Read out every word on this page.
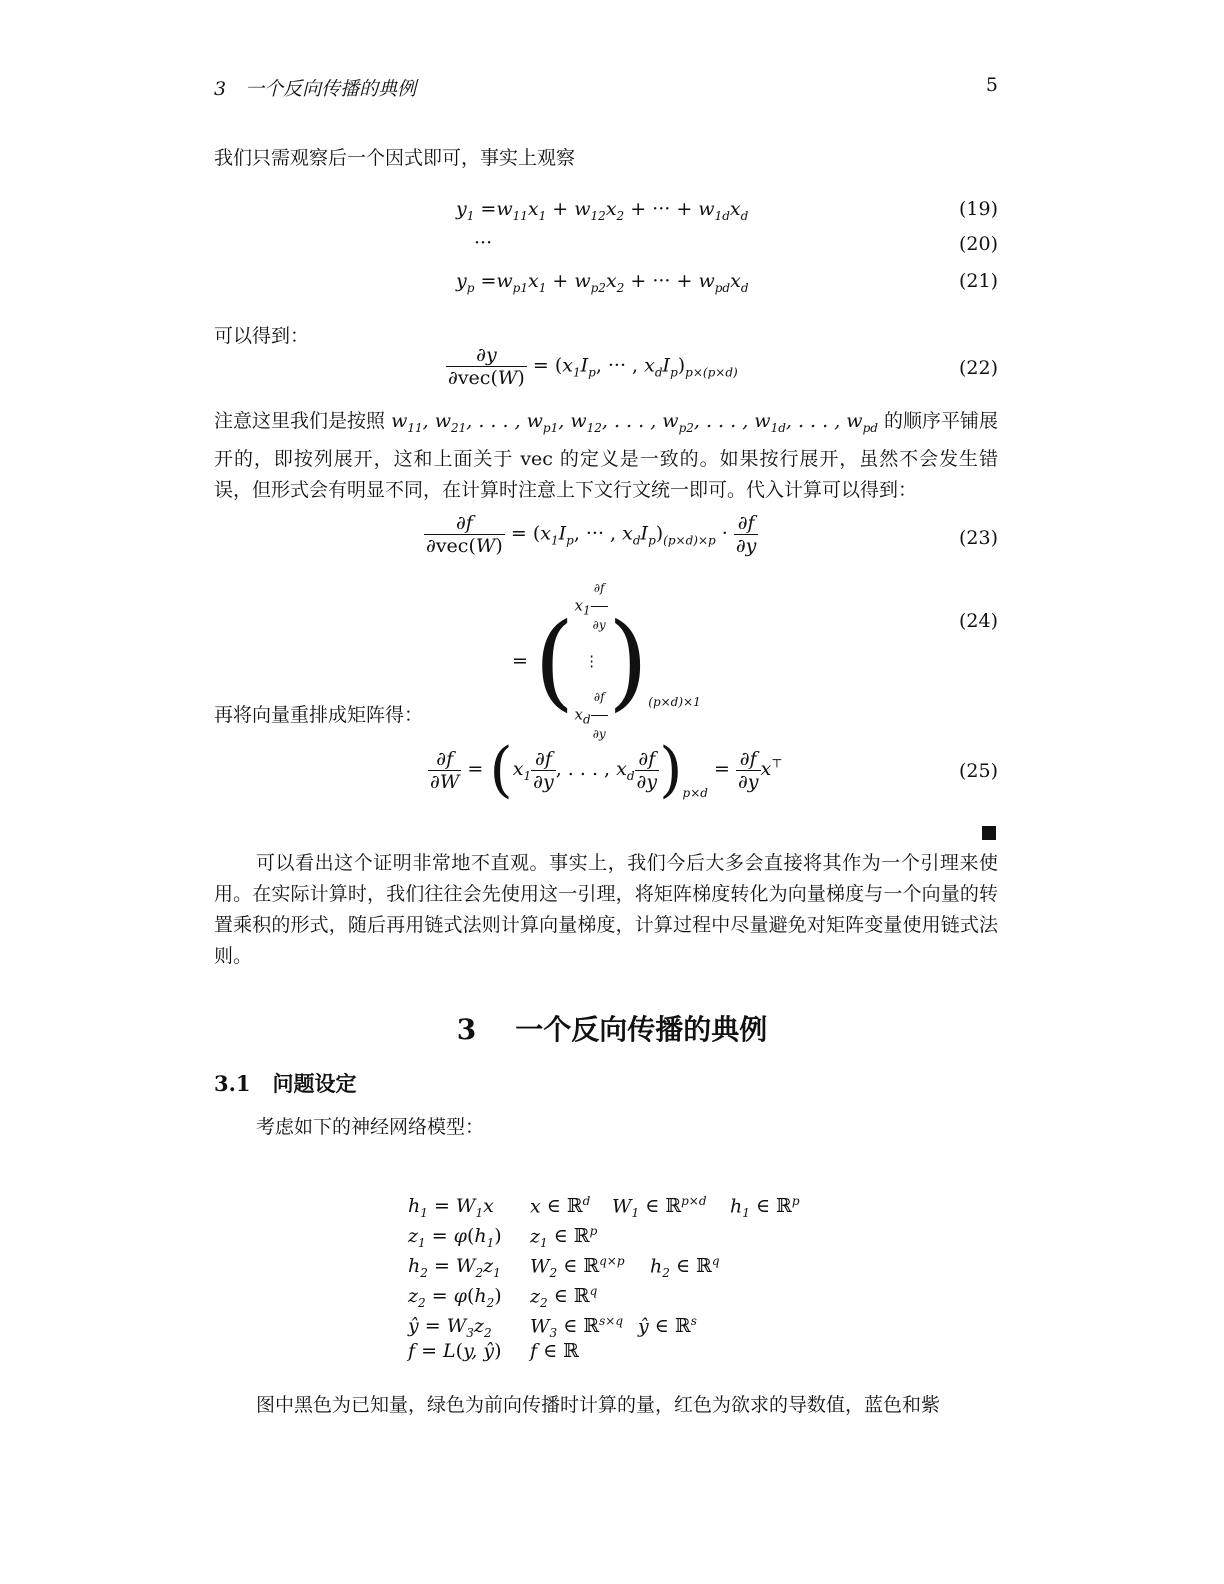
3　一个反向传播的典例	5
我们只需观察后一个因式即可，事实上观察
$y_1 =w_{11}x_1 + w_{12}x_2$ + ··· + $w_{1d}x_d$	(19)
···	(20)
$y_p =w_{p1}x_1 + w_{p2}x_2$ + ··· + $w_{pd}x_d$	(21)
可以得到：
$\frac{\partial y}{\text{∂vec(W)}} = (x_1I_p$, ··· , $x_dI_p)_{p\times(p\times d)}$	(22)
注意这里我们是按照 $w_{11}$, $w_{21}$, . . . , $w_{p1}$, $w_{12}$, . . . , $w_{p2}$, . . . , $w_{1d}$, . . . , $w_{pd}$ 的顺序平铺展开的，即按列展开，这和上面关于 vec 的定义是一致的。如果按行展开，虽然不会发生错误，但形式会有明显不同，在计算时注意上下文行文统一即可。代入计算可以得到：
$\frac{\partial f}{\text{∂vec(W)}} = (x_1I_p$, ··· , $x_dI_p)_{(p\times d)\times p} \cdot \frac{\partial f}{\partial y}$	(23)
= ($x_1 \frac{\partial f}{\partial y}$

⋮
$x_d \frac{\partial f}{\partial y} )_{(p\times d)\times 1}$
(24)
再将向量重排成矩阵得：
$\frac{\partial f}{\partial W} = (x_1 \frac{\partial f}{\partial y}$ , . . . , $x_d \frac{\partial f}{\partial y} )_{p\times d} = \frac{\partial f}{\partial y} x^⊤$	(25)
可以看出这个证明非常地不直观。事实上，我们今后大多会直接将其作为一个引理来使用。在实际计算时，我们往往会先使用这一引理，将矩阵梯度转化为向量梯度与一个向量的转置乘积的形式，随后再用链式法则计算向量梯度，计算过程中尽量避免对矩阵变量使用链式法则。
3 一个反向传播的典例
3.1 问题设定
考虑如下的神经网络模型：
$h_1 = W_1x$ x ∈ ℝ$^d$ $W_1$ ∈ ℝ$^{p\times d}$ $h_1$ ∈ ℝ$^p$
$z_1 = \varphi(h_1)$ $z_1$ ∈ ℝ$^p$
$h_2 = W_2z_1$ $W_2$ ∈ ℝ$^{q\times p}$ $h_2$ ∈ ℝ$^q$
$z_2 = \varphi(h_2)$ $z_2$ ∈ ℝ$^q$
ŷ = $W_3z_2$ $W_3$ ∈ ℝ$^{s\times q}$ ŷ ∈ ℝ$^s$
f = L(y, ŷ) f ∈ ℝ
图中黑色为已知量，绿色为前向传播时计算的量，红色为欲求的导数值，蓝色和紫
